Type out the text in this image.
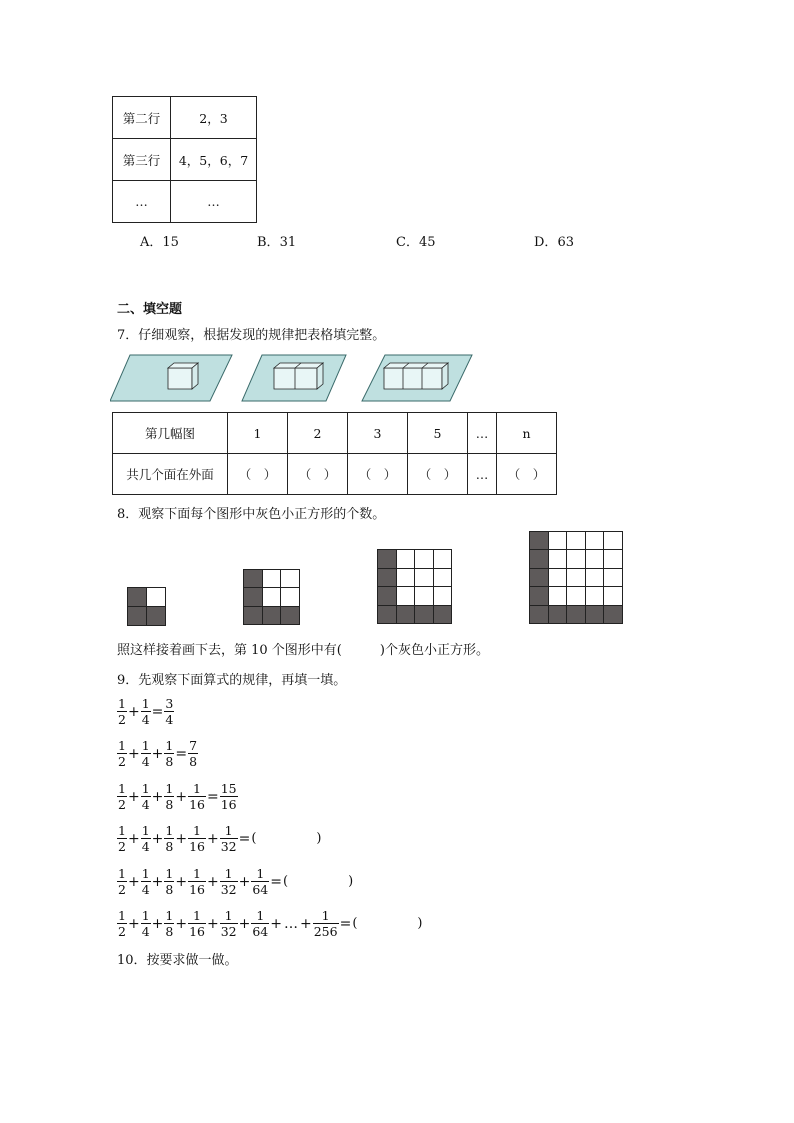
第二行	2，3
第三行	4，5，6，7
…	…
A．15	B．31	C．45	D．63
二、填空题
7．仔细观察，根据发现的规律把表格填完整。
第几幅图	1	2	3	5	…	n
共几个面在外面	（　）	（　）	（　）	（　）	…	（　）
8．观察下面每个图形中灰色小正方形的个数。
照这样接着画下去，第 10 个图形中有(	)个灰色小正方形。
9．先观察下面算式的规律，再填一填。
$\frac{1}{2} + \frac{1}{4} = \frac{3}{4}$
$\frac{1}{2} + \frac{1}{4} + \frac{1}{8} = \frac{7}{8}$
$\frac{1}{2} + \frac{1}{4} + \frac{1}{8} + \frac{1}{16} = \frac{15}{16}$
$\frac{1}{2} + \frac{1}{4} + \frac{1}{8} + \frac{1}{16} + \frac{1}{32}$ =(	)
$\frac{1}{2} + \frac{1}{4} + \frac{1}{8} + \frac{1}{16} + \frac{1}{32} + \frac{1}{64}$ =(	)
$\frac{1}{2} + \frac{1}{4} + \frac{1}{8} + \frac{1}{16} + \frac{1}{32} + \frac{1}{64}$ + … + $\frac{1}{256}$ =(	)
10．按要求做一做。
